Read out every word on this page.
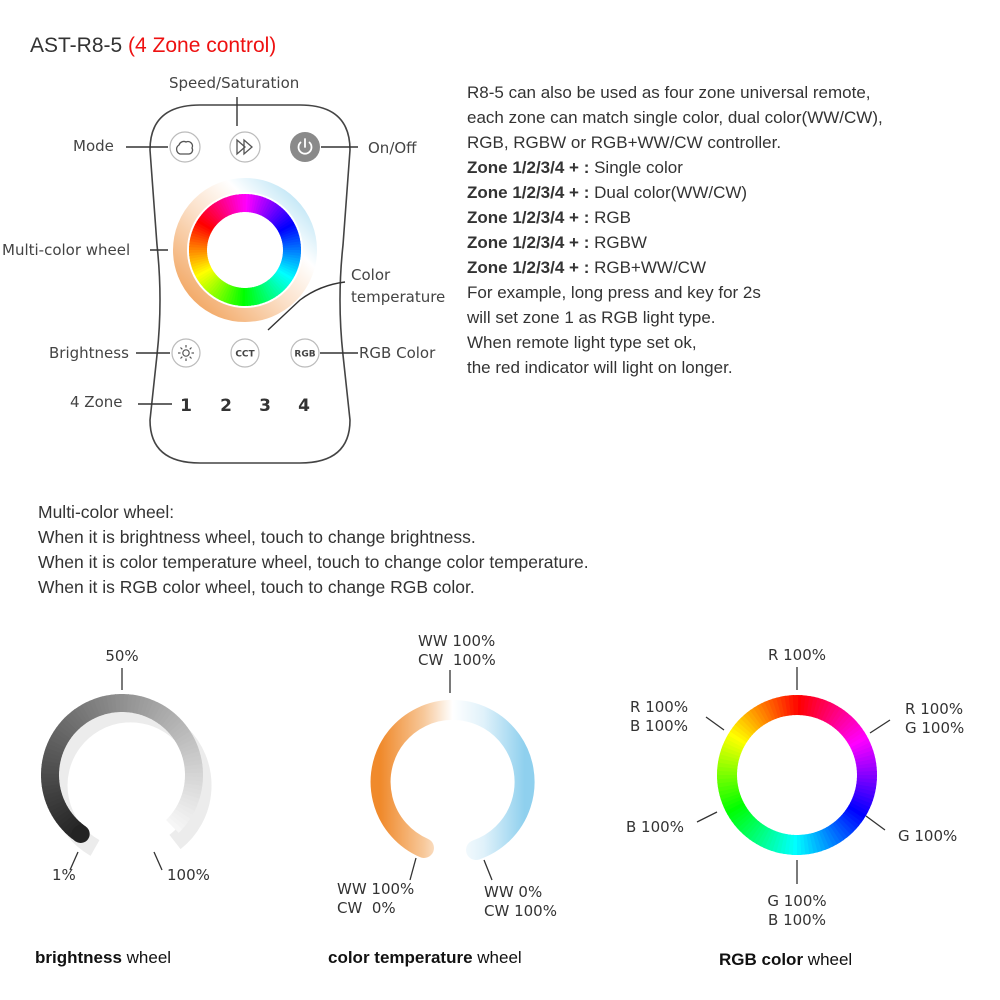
AST-R8-5 (4 Zone control)
CCT	RGB
1 2 3 4
Speed/Saturation
Mode	On/Off
Multi-color wheel
Color
temperature
Brightness	RGB Color
4 Zone
R8-5 can also be used as four zone universal remote,
each zone can match single color, dual color(WW/CW),
RGB, RGBW or RGB+WW/CW controller.
Zone 1/2/3/4 + : Single color
Zone 1/2/3/4 + : Dual color(WW/CW)
Zone 1/2/3/4 + : RGB
Zone 1/2/3/4 + : RGBW
Zone 1/2/3/4 + : RGB+WW/CW
For example, long press and key for 2s
will set zone 1 as RGB light type.
When remote light type set ok,
the red indicator will light on longer.
Multi-color wheel:
When it is brightness wheel, touch to change brightness.
When it is color temperature wheel, touch to change color temperature.
When it is RGB color wheel, touch to change RGB color.
50%
1%	100%
R 100%
R 100%
B 100%
R 100%
G 100%
B 100%	G 100%
G 100%
B 100%
WW 100%
CW  100%
WW 100%
CW  0%
WW 0%
CW 100%
brightness wheel	color temperature wheel	RGB color wheel
